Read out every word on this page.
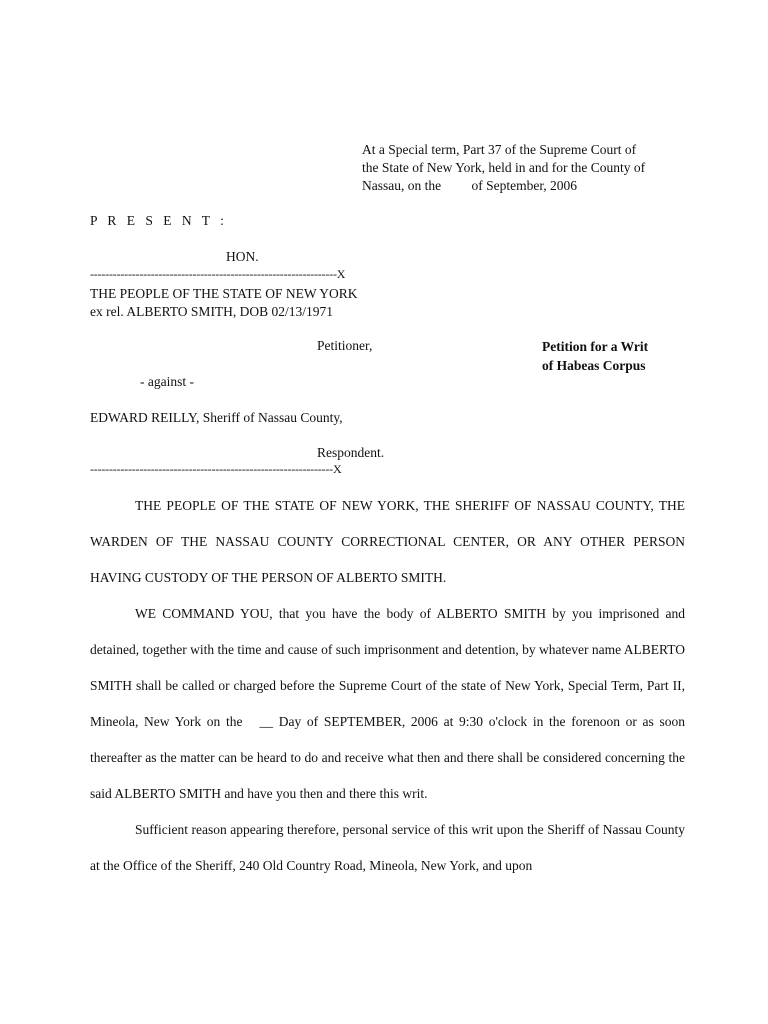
At a Special term, Part 37 of the Supreme Court of
the State of New York, held in and for the County of
Nassau, on the         of September, 2006
P R E S E N T :
HON.
-----------------------------------------------------------------X
THE PEOPLE OF THE STATE OF NEW YORK
ex rel. ALBERTO SMITH, DOB 02/13/1971
Petitioner,	Petition for a Writ
of Habeas Corpus
- against -
EDWARD REILLY, Sheriff of Nassau County,
Respondent.
----------------------------------------------------------------X

THE PEOPLE OF THE STATE OF NEW YORK, THE SHERIFF OF NASSAU COUNTY, THE WARDEN OF THE NASSAU COUNTY CORRECTIONAL CENTER, OR ANY OTHER PERSON HAVING CUSTODY OF THE PERSON OF ALBERTO SMITH.

WE COMMAND YOU, that you have the body of ALBERTO SMITH by you imprisoned and detained, together with the time and cause of such imprisonment and detention, by whatever name ALBERTO SMITH shall be called or charged before the Supreme Court of the state of New York, Special Term, Part II, Mineola, New York on the   __ Day of SEPTEMBER, 2006 at 9:30 o'clock in the forenoon or as soon thereafter as the matter can be heard to do and receive what then and there shall be considered concerning the said ALBERTO SMITH and have you then and there this writ.

Sufficient reason appearing therefore, personal service of this writ upon the Sheriff of Nassau County at the Office of the Sheriff, 240 Old Country Road, Mineola, New York, and upon
